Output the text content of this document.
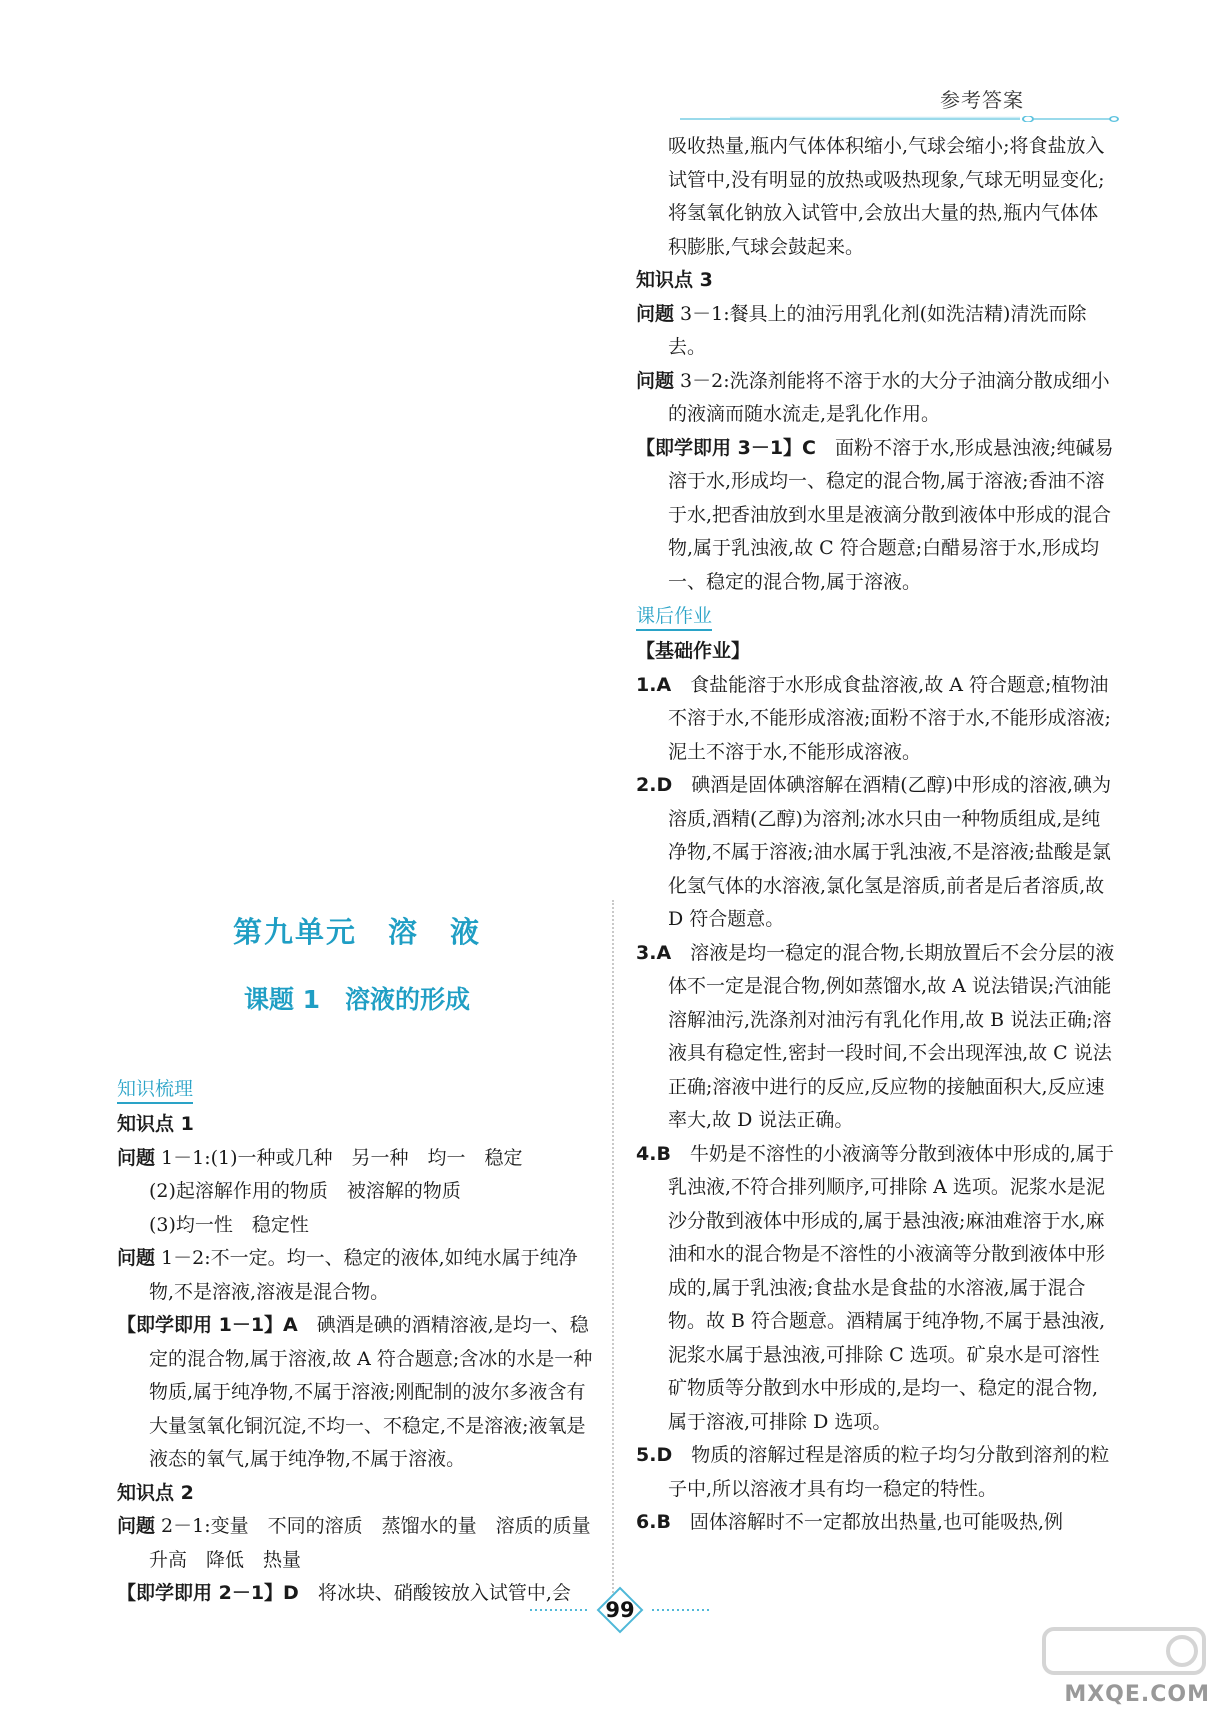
参考答案

吸收热量,瓶内气体体积缩小,气球会缩小;将食盐放入试管中,没有明显的放热或吸热现象,气球无明显变化;将氢氧化钠放入试管中,会放出大量的热,瓶内气体体积膨胀,气球会鼓起来。

知识点 3

问题 3－1:餐具上的油污用乳化剂(如洗洁精)清洗而除去。

问题 3－2:洗涤剂能将不溶于水的大分子油滴分散成细小的液滴而随水流走,是乳化作用。

【即学即用 3－1】C　面粉不溶于水,形成悬浊液;纯碱易溶于水,形成均一、稳定的混合物,属于溶液;香油不溶于水,把香油放到水里是液滴分散到液体中形成的混合物,属于乳浊液,故 C 符合题意;白醋易溶于水,形成均一、稳定的混合物,属于溶液。

课后作业

【基础作业】

1.A　食盐能溶于水形成食盐溶液,故 A 符合题意;植物油不溶于水,不能形成溶液;面粉不溶于水,不能形成溶液;泥土不溶于水,不能形成溶液。

2.D　碘酒是固体碘溶解在酒精(乙醇)中形成的溶液,碘为溶质,酒精(乙醇)为溶剂;冰水只由一种物质组成,是纯净物,不属于溶液;油水属于乳浊液,不是溶液;盐酸是氯化氢气体的水溶液,氯化氢是溶质,前者是后者溶质,故 D 符合题意。

3.A　溶液是均一稳定的混合物,长期放置后不会分层的液体不一定是混合物,例如蒸馏水,故 A 说法错误;汽油能溶解油污,洗涤剂对油污有乳化作用,故 B 说法正确;溶液具有稳定性,密封一段时间,不会出现浑浊,故 C 说法正确;溶液中进行的反应,反应物的接触面积大,反应速率大,故 D 说法正确。

4.B　牛奶是不溶性的小液滴等分散到液体中形成的,属于乳浊液,不符合排列顺序,可排除 A 选项。泥浆水是泥沙分散到液体中形成的,属于悬浊液;麻油难溶于水,麻油和水的混合物是不溶性的小液滴等分散到液体中形成的,属于乳浊液;食盐水是食盐的水溶液,属于混合物。故 B 符合题意。酒精属于纯净物,不属于悬浊液,泥浆水属于悬浊液,可排除 C 选项。矿泉水是可溶性矿物质等分散到水中形成的,是均一、稳定的混合物,属于溶液,可排除 D 选项。

5.D　物质的溶解过程是溶质的粒子均匀分散到溶剂的粒子中,所以溶液才具有均一稳定的特性。

6.B　固体溶解时不一定都放出热量,也可能吸热,例

第九单元　溶　液
课题 1　溶液的形成
知识梳理

知识点 1

问题 1－1:(1)一种或几种　另一种　均一　稳定

(2)起溶解作用的物质　被溶解的物质

(3)均一性　稳定性

问题 1－2:不一定。均一、稳定的液体,如纯水属于纯净物,不是溶液,溶液是混合物。

【即学即用 1－1】A　碘酒是碘的酒精溶液,是均一、稳定的混合物,属于溶液,故 A 符合题意;含冰的水是一种物质,属于纯净物,不属于溶液;刚配制的波尔多液含有大量氢氧化铜沉淀,不均一、不稳定,不是溶液;液氧是液态的氧气,属于纯净物,不属于溶液。

知识点 2

问题 2－1:变量　不同的溶质　蒸馏水的量　溶质的质量　升高　降低　热量

【即学即用 2－1】D　将冰块、硝酸铵放入试管中,会

99
MXQE.COM
